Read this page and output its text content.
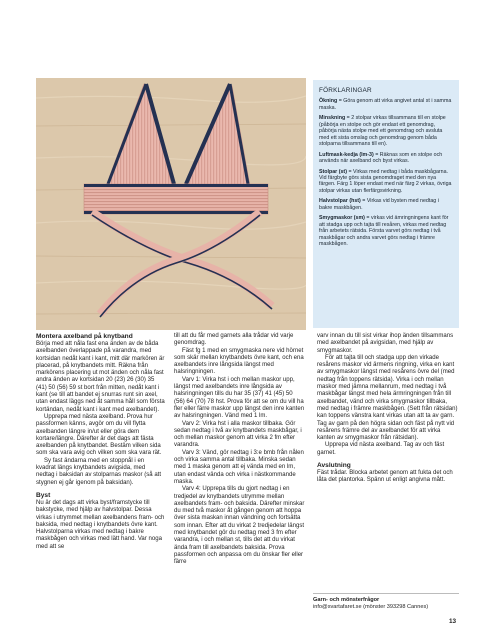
FÖRKLARINGAR

Ökning = Göra genom att virka angivet antal st i samma maska.

Minskning = 2 stolpar virkas tillsammans till en stolpe (påbörja en stolpe och gör endast ett genomdrag, påbörja nästa stolpe med ett genomdrag och avsluta med ett sista omslag och genomdrag genom båda stolparna tillsammans till en).

Luftmask-kedja (lm-3) = Räknas som en stolpe och används när axelband och byst virkas.

Stolpar (st) = Virkas med nedtag i båda maskbågarna. Vid färgbyte görs sista genomdraget med den nya färgen. Färg 1 löper endast med när färg 2 virkas, övriga stolpar virkas utan flerfärgsvirkning.

Halvstolpar (hst) = Virkas vid bysten med nedtag i bakre maskbågen.

Smygmaskor (sm) = virkas vid ämringningens kant för att stadga upp och tajta till resåren, virkas med nedtag från arbetets rätsida. Första varvet görs nedtag i två maskbågar och andra varvet görs nedtag i främre maskbågen.

Montera axelband på knytband

Börja med att nåla fast ena änden av de båda axelbanden överlappade på varandra, med kortsidan nedåt kant i kant, mitt där markören är placerad, på knytbandets mitt. Räkna från markörens placering ut mot änden och nåla fast andra änden av kortsidan 20 (23) 26 (30) 35 (41) 50 (56) 59 st bort från mitten, nedåt kant i kant (se till att bandet ej snurras runt sin axel, utan endast läggs ned åt samma håll som första kortändan, nedåt kant i kant med axelbandet).

Upprepa med nästa axelband. Prova hur passformen känns, avgör om du vill flytta axelbanden längre in/ut eller göra dem kortare/längre. Därefter är det dags att fästa axelbanden på knytbandet. Bestäm vilken sida som ska vara avig och vilken som ska vara rät.

Sy fast ändarna med en stoppnål i en kvadrat längs knytbandets avigsida, med nedtag i baksidan av stolparnas maskor (så att stygnen ej går igenom på baksidan).

Byst

Nu är det dags att virka byst/framstycke till bakstycke, med hjälp av halvstolpar. Dessa virkas i utrymmet mellan axelbandens fram- och baksida, med nedtag i knytbandets övre kant. Halvstolparna virkas med nedtag i bakre maskbågen och virkas med lätt hand. Var noga med att se

till att du får med garnets alla trådar vid varje genomdrag.

Fäst fg 1 med en smygmaska nere vid hörnet som skär mellan knytbandets övre kant, och ena axelbandets inre långsida längst med halsringningen.

Varv 1: Virka hst i och mellan maskor upp, längst med axelbandets inre långsida av halsringningen tills du har 35 (37) 41 (45) 50 (56) 64 (70) 78 hst. Prova för att se om du vill ha fler eller färre maskor upp längst den inre kanten av halsringningen. Vänd med 1 lm.

Varv 2: Virka hst i alla maskor tillbaka. Gör sedan nedtag i två av knytbandets maskbågar, i och mellan maskor genom att virka 2 fm efter varandra.

Varv 3: Vänd, gör nedtag i 3:e bmb från nålen och virka samma antal tillbaka. Minska sedan med 1 maska genom att ej vända med en lm, utan endast vända och virka i nästkommande maska.

Varv 4: Upprepa tills du gjort nedtag i en tredjedel av knytbandets utrymme mellan axelbandets fram- och baksida. Därefter minskar du med två maskor åt gången genom att hoppa över sista maskan innan vändning och fortsätta som innan. Efter att du virkat 2 tredjedelar längst med knytbandet gör du nedtag med 3 fm efter varandra, i och mellan st, tills det att du virkat ända fram till axelbandets baksida. Prova passformen och anpassa om du önskar fler eller färre

varv innan du till sist virkar ihop änden tillsammans med axelbandet på avigsidan, med hjälp av smygmaskor.

För att tajta till och stadga upp den virkade resårens maskor vid ärmens ringning, virka en kant av smygmaskor längst med resårens övre del (med nedtag från toppens rätsida). Virka i och mellan maskor med jämna mellanrum, med nedtag i två maskbågar längst med hela ärmringningen från till axelbandet, vänd och virka smygmaskor tillbaka, med nedtag i främre maskbågen. (Sett från rätsidan) kan toppens vänstra kant virkas utan att ta av garn. Tag av garn på den högra sidan och fäst på nytt vid resårens främre del av axelbandet för att virka kanten av smygmaskor från rätsidan).

Upprepa vid nästa axelband. Tag av och fäst garnet.

Avslutning

Fäst trådar. Blocka arbetet genom att fukta det och låta det plantorka. Spänn ut enligt angivna mått.

Garn- och mönsterfrågor
info@svartafaret.se (mönster 393298 Cannes)
13
